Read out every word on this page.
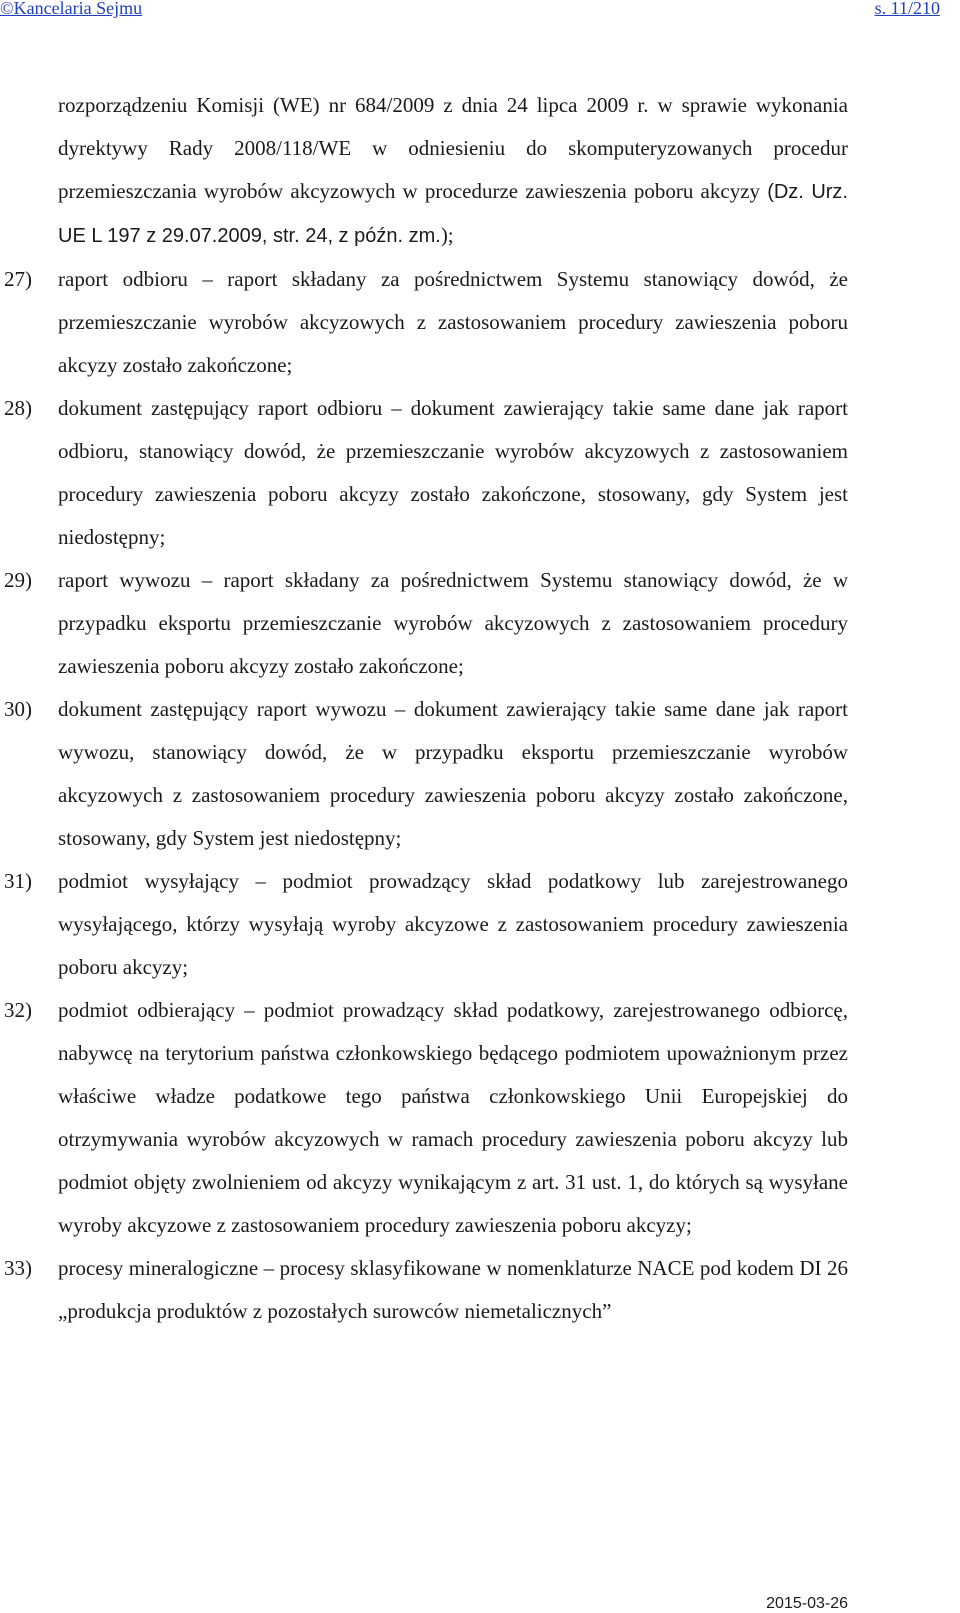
©Kancelaria Sejmu	s. 11/210

rozporządzeniu Komisji (WE) nr 684/2009 z dnia 24 lipca 2009 r. w sprawie wykonania dyrektywy Rady 2008/118/WE w odniesieniu do skomputeryzowanych procedur przemieszczania wyrobów akcyzowych w procedurze zawieszenia poboru akcyzy (Dz. Urz. UE L 197 z 29.07.2009, str. 24, z późn. zm.);

27) raport odbioru – raport składany za pośrednictwem Systemu stanowiący dowód, że przemieszczanie wyrobów akcyzowych z zastosowaniem procedury zawieszenia poboru akcyzy zostało zakończone;
28) dokument zastępujący raport odbioru – dokument zawierający takie same dane jak raport odbioru, stanowiący dowód, że przemieszczanie wyrobów akcyzowych z zastosowaniem procedury zawieszenia poboru akcyzy zostało zakończone, stosowany, gdy System jest niedostępny;
29) raport wywozu – raport składany za pośrednictwem Systemu stanowiący dowód, że w przypadku eksportu przemieszczanie wyrobów akcyzowych z zastosowaniem procedury zawieszenia poboru akcyzy zostało zakończone;
30) dokument zastępujący raport wywozu – dokument zawierający takie same dane jak raport wywozu, stanowiący dowód, że w przypadku eksportu przemieszczanie wyrobów akcyzowych z zastosowaniem procedury zawieszenia poboru akcyzy zostało zakończone, stosowany, gdy System jest niedostępny;
31) podmiot wysyłający – podmiot prowadzący skład podatkowy lub zarejestrowanego wysyłającego, którzy wysyłają wyroby akcyzowe z zastosowaniem procedury zawieszenia poboru akcyzy;
32) podmiot odbierający – podmiot prowadzący skład podatkowy, zarejestrowanego odbiorcę, nabywcę na terytorium państwa członkowskiego będącego podmiotem upoważnionym przez właściwe władze podatkowe tego państwa członkowskiego Unii Europejskiej do otrzymywania wyrobów akcyzowych w ramach procedury zawieszenia poboru akcyzy lub podmiot objęty zwolnieniem od akcyzy wynikającym z art. 31 ust. 1, do których są wysyłane wyroby akcyzowe z zastosowaniem procedury zawieszenia poboru akcyzy;
33) procesy mineralogiczne – procesy sklasyfikowane w nomenklaturze NACE pod kodem DI 26 „produkcja produktów z pozostałych surowców niemetalicznych”
2015-03-26
